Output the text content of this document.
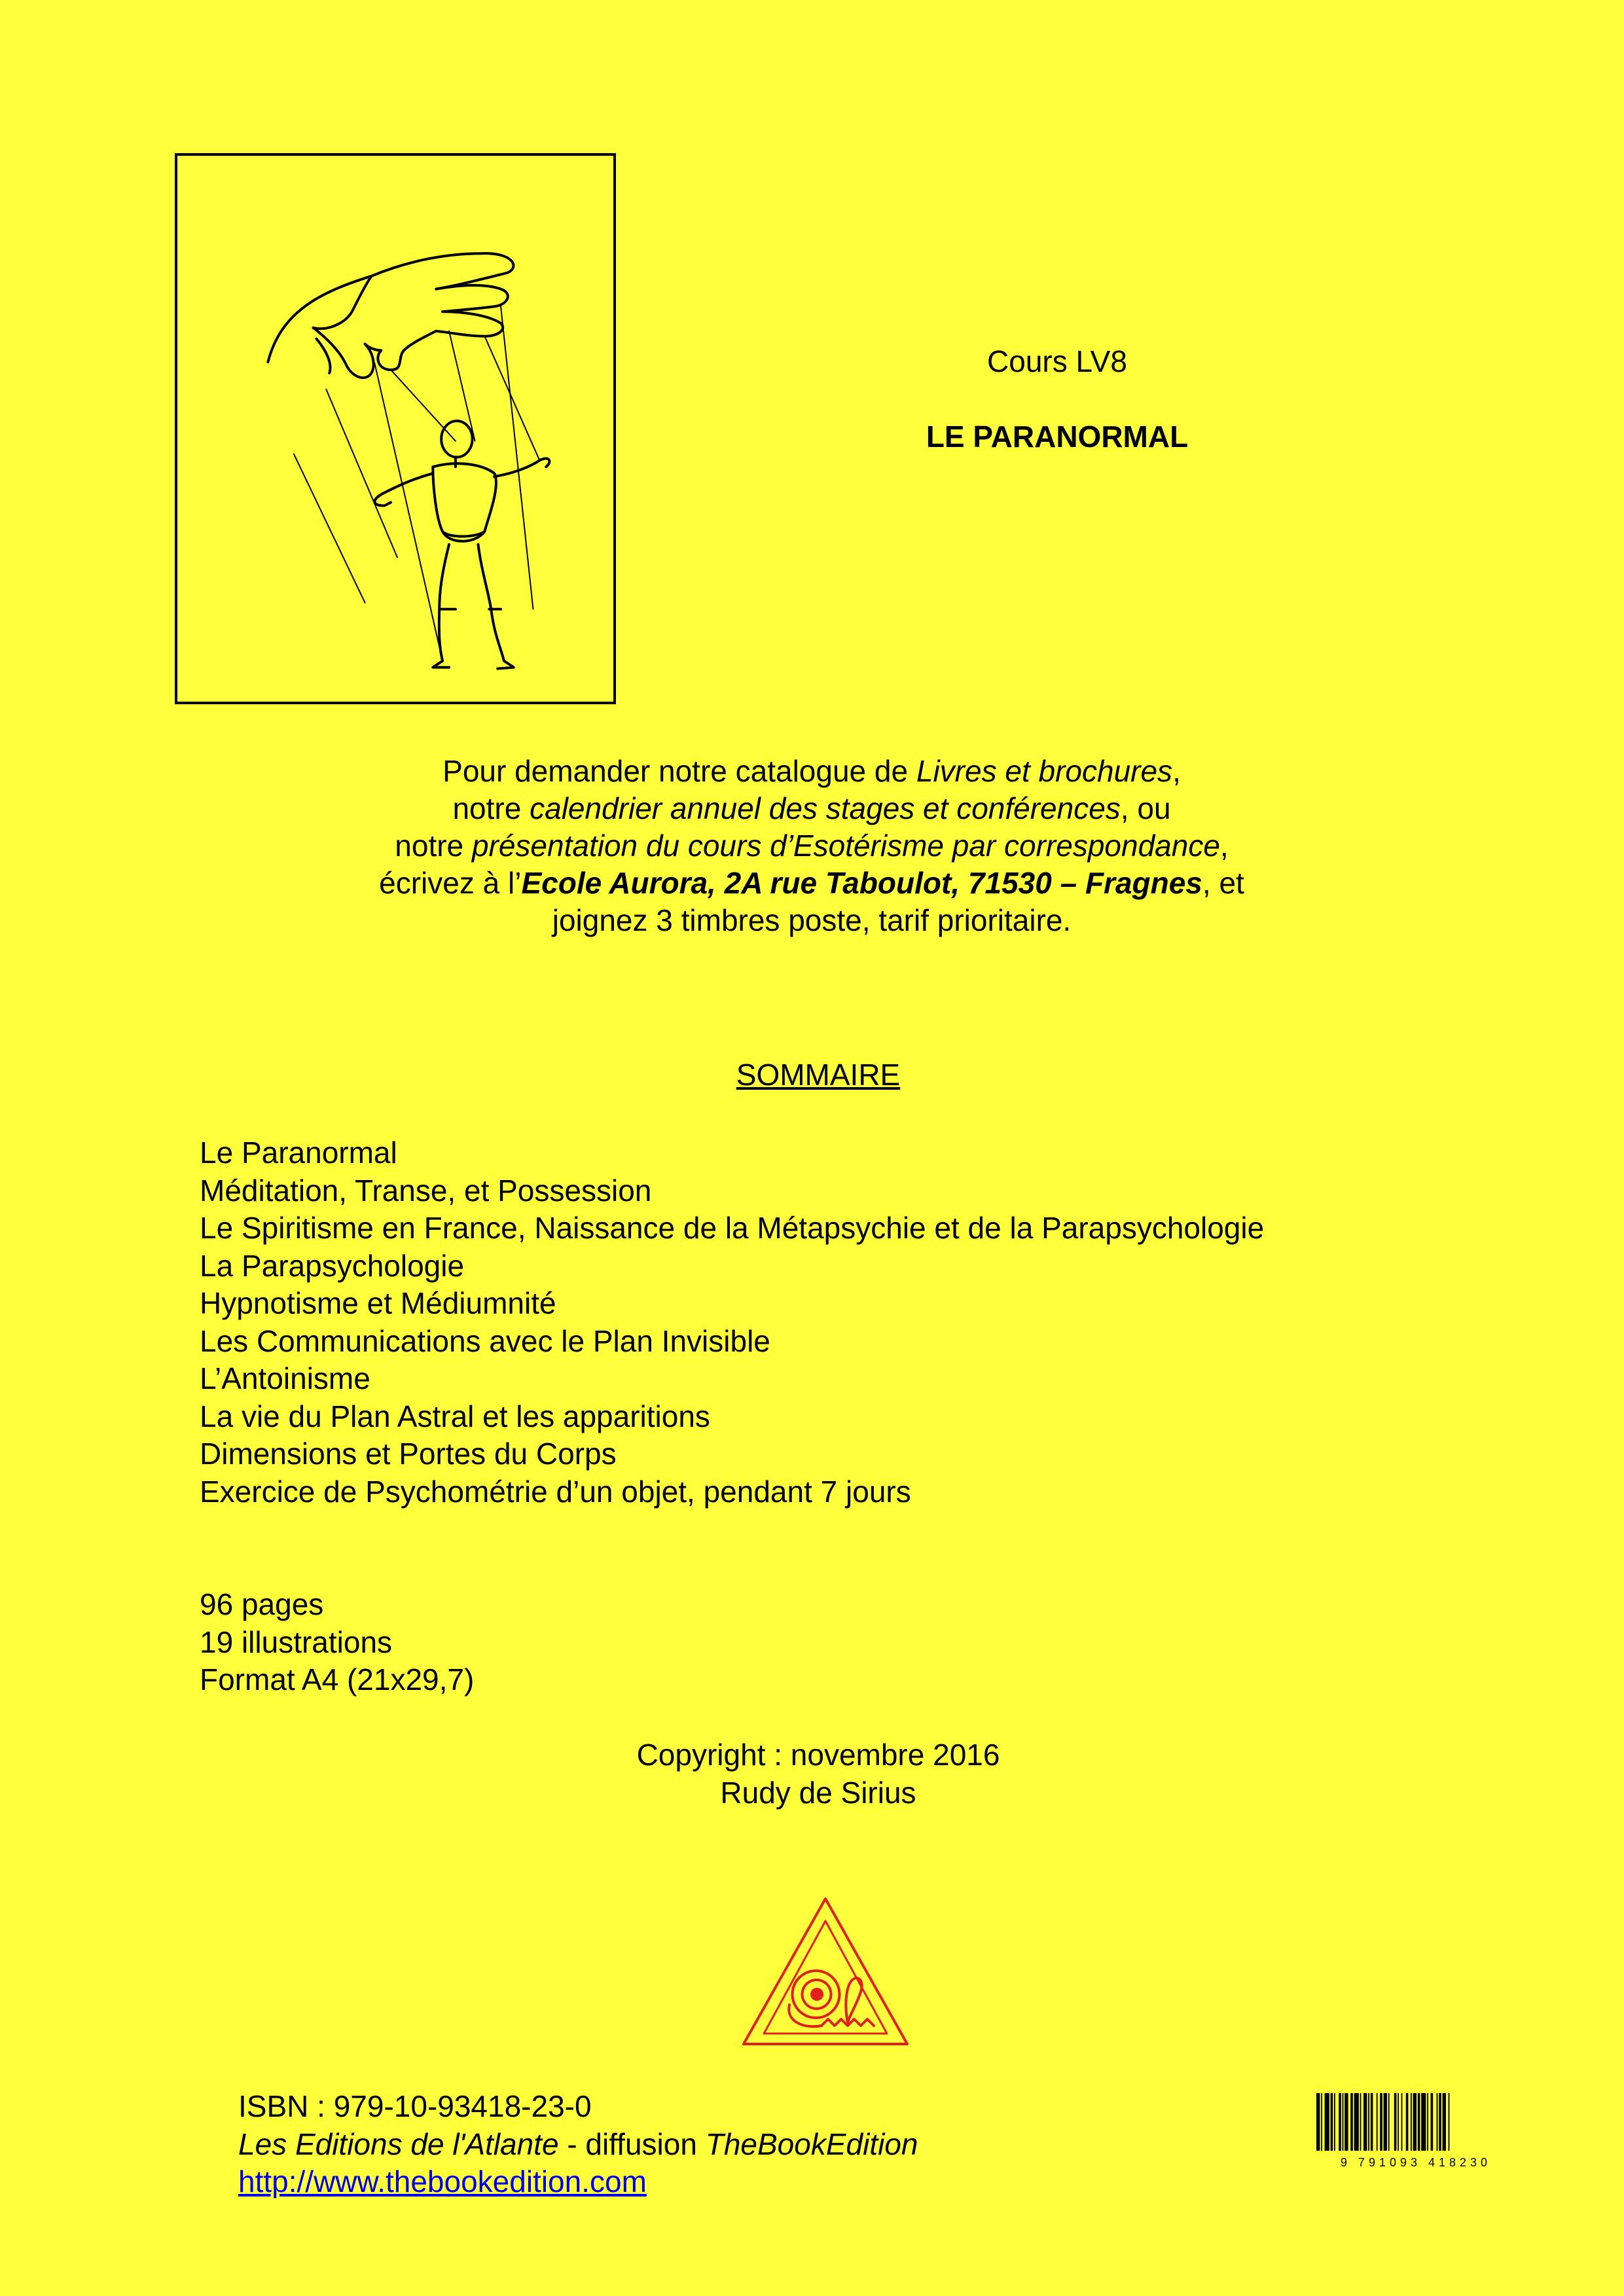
Cours LV8
LE PARANORMAL
Pour demander notre catalogue de Livres et brochures,
notre calendrier annuel des stages et conférences, ou
notre présentation du cours d’Esotérisme par correspondance,
écrivez à l’Ecole Aurora, 2A rue Taboulot, 71530 – Fragnes, et
joignez 3 timbres poste, tarif prioritaire.
SOMMAIRE
Le Paranormal
Méditation, Transe, et Possession
Le Spiritisme en France, Naissance de la Métapsychie et de la Parapsychologie
La Parapsychologie
Hypnotisme et Médiumnité
Les Communications avec le Plan Invisible
L’Antoinisme
La vie du Plan Astral et les apparitions
Dimensions et Portes du Corps
Exercice de Psychométrie d’un objet, pendant 7 jours
96 pages
19 illustrations
Format A4 (21x29,7)
Copyright : novembre 2016
Rudy de Sirius
ISBN : 979-10-93418-23-0
Les Editions de l'Atlante - diffusion TheBookEdition
http://www.thebookedition.com
9 791093 418230
